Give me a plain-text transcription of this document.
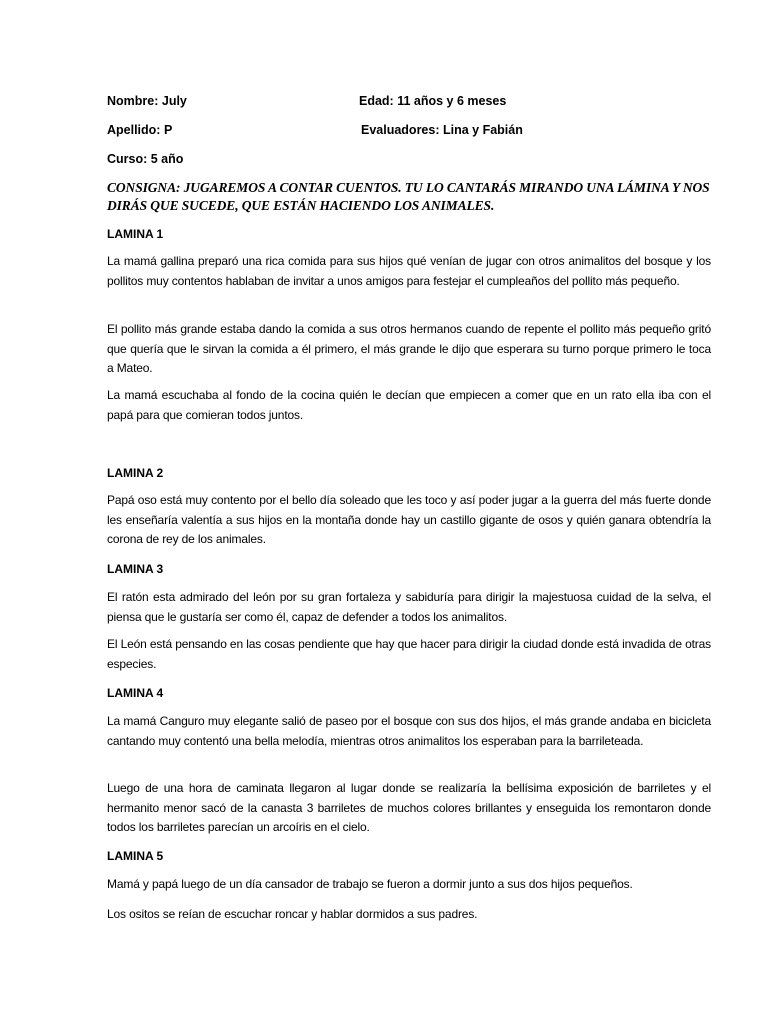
Nombre: July	Edad: 11 años y 6 meses
Apellido: P	Evaluadores: Lina y Fabián
Curso: 5 año
CONSIGNA: JUGAREMOS A CONTAR CUENTOS. TU LO CANTARÁS MIRANDO UNA LÁMINA Y NOS DIRÁS QUE SUCEDE, QUE ESTÁN HACIENDO LOS ANIMALES.
LAMINA 1
La mamá gallina preparó una rica comida para sus hijos qué venían de jugar con otros animalitos del bosque y los pollitos muy contentos hablaban de invitar a unos amigos para festejar el cumpleaños del pollito más pequeño.
El pollito más grande estaba dando la comida a sus otros hermanos cuando de repente el pollito más pequeño gritó que quería que le sirvan la comida a él primero, el más grande le dijo que esperara su turno porque primero le toca a Mateo.
La mamá escuchaba al fondo de la cocina quién le decían que empiecen a comer que en un rato ella iba con el papá para que comieran todos juntos.
LAMINA 2
Papá oso está muy contento por el bello día soleado que les toco y así poder jugar a la guerra del más fuerte donde les enseñaría valentía a sus hijos en la montaña donde hay un castillo gigante de osos y quién ganara obtendría la corona de rey de los animales.
LAMINA 3
El ratón esta admirado del león por su gran fortaleza y sabiduría para dirigir la majestuosa cuidad de la selva, el piensa que le gustaría ser como él, capaz de defender a todos los animalitos.
El León está pensando en las cosas pendiente que hay que hacer para dirigir la ciudad donde está invadida de otras especies.
LAMINA 4
La mamá Canguro muy elegante salió de paseo por el bosque con sus dos hijos, el más grande andaba en bicicleta cantando muy contentó una bella melodía, mientras otros animalitos los esperaban para la barriletеada.
Luego de una hora de caminata llegaron al lugar donde se realizaría la bellísima exposición de barriletes y el hermanito menor sacó de la canasta 3 barriletes de muchos colores brillantes y enseguida los remontaron donde todos los barriletes parecían un arcoíris en el cielo.
LAMINA 5
Mamá y papá luego de un día cansador de trabajo se fueron a dormir junto a sus dos hijos pequeños.
Los ositos se reían de escuchar roncar y hablar dormidos a sus padres.
